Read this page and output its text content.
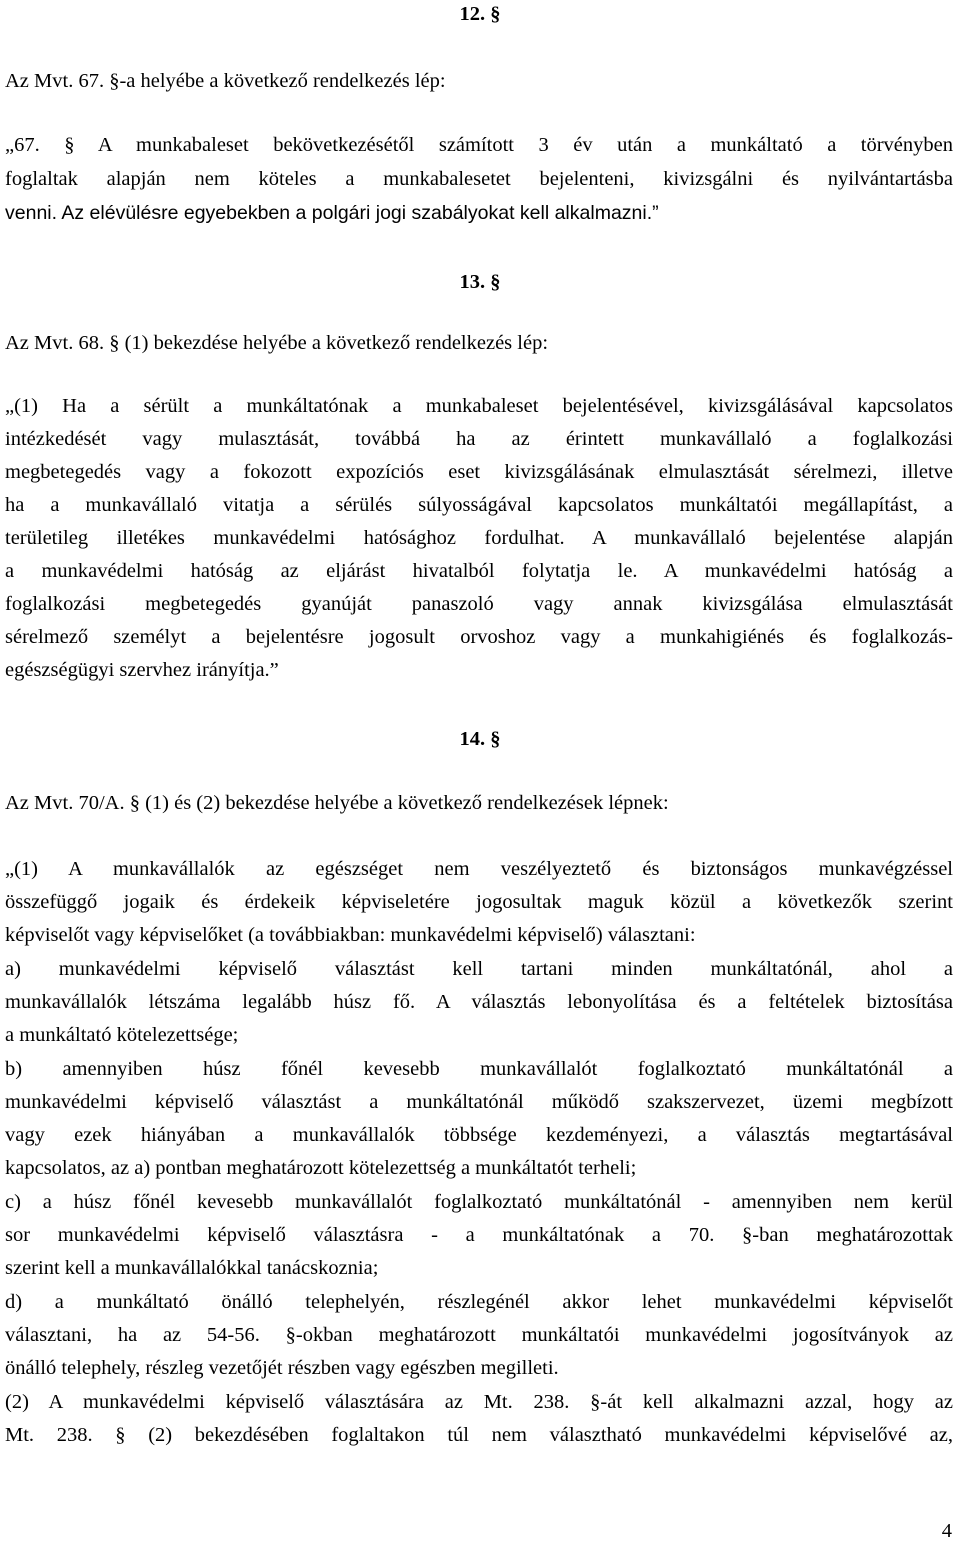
12. §
Az Mvt. 67. §-a helyébe a következő rendelkezés lép:
„67. § A munkabaleset bekövetkezésétől számított 3 év után a munkáltató a törvényben
foglaltak alapján nem köteles a munkabalesetet bejelenteni, kivizsgálni és nyilvántartásba
venni. Az elévülésre egyebekben a polgári jogi szabályokat kell alkalmazni.”
13. §
Az Mvt. 68. § (1) bekezdése helyébe a következő rendelkezés lép:
„(1) Ha a sérült a munkáltatónak a munkabaleset bejelentésével, kivizsgálásával kapcsolatos
intézkedését vagy mulasztását, továbbá ha az érintett munkavállaló a foglalkozási
megbetegedés vagy a fokozott expozíciós eset kivizsgálásának elmulasztását sérelmezi, illetve
ha a munkavállaló vitatja a sérülés súlyosságával kapcsolatos munkáltatói megállapítást, a
területileg illetékes munkavédelmi hatósághoz fordulhat. A munkavállaló bejelentése alapján
a munkavédelmi hatóság az eljárást hivatalból folytatja le. A munkavédelmi hatóság a
foglalkozási megbetegedés gyanúját panaszoló vagy annak kivizsgálása elmulasztását
sérelmező személyt a bejelentésre jogosult orvoshoz vagy a munkahigiénés és foglalkozás-
egészségügyi szervhez irányítja.”
14. §
Az Mvt. 70/A. § (1) és (2) bekezdése helyébe a következő rendelkezések lépnek:
„(1) A munkavállalók az egészséget nem veszélyeztető és biztonságos munkavégzéssel
összefüggő jogaik és érdekeik képviseletére jogosultak maguk közül a következők szerint
képviselőt vagy képviselőket (a továbbiakban: munkavédelmi képviselő) választani:
a) munkavédelmi képviselő választást kell tartani minden munkáltatónál, ahol a
munkavállalók létszáma legalább húsz fő. A választás lebonyolítása és a feltételek biztosítása
a munkáltató kötelezettsége;
b) amennyiben húsz főnél kevesebb munkavállalót foglalkoztató munkáltatónál a
munkavédelmi képviselő választást a munkáltatónál működő szakszervezet, üzemi megbízott
vagy ezek hiányában a munkavállalók többsége kezdeményezi, a választás megtartásával
kapcsolatos, az a) pontban meghatározott kötelezettség a munkáltatót terheli;
c) a húsz főnél kevesebb munkavállalót foglalkoztató munkáltatónál - amennyiben nem kerül
sor munkavédelmi képviselő választásra - a munkáltatónak a 70. §-ban meghatározottak
szerint kell a munkavállalókkal tanácskoznia;
d) a munkáltató önálló telephelyén, részlegénél akkor lehet munkavédelmi képviselőt
választani, ha az 54-56. §-okban meghatározott munkáltatói munkavédelmi jogosítványok az
önálló telephely, részleg vezetőjét részben vagy egészben megilleti.
(2) A munkavédelmi képviselő választására az Mt. 238. §-át kell alkalmazni azzal, hogy az
Mt. 238. § (2) bekezdésében foglaltakon túl nem választható munkavédelmi képviselővé az,
4
